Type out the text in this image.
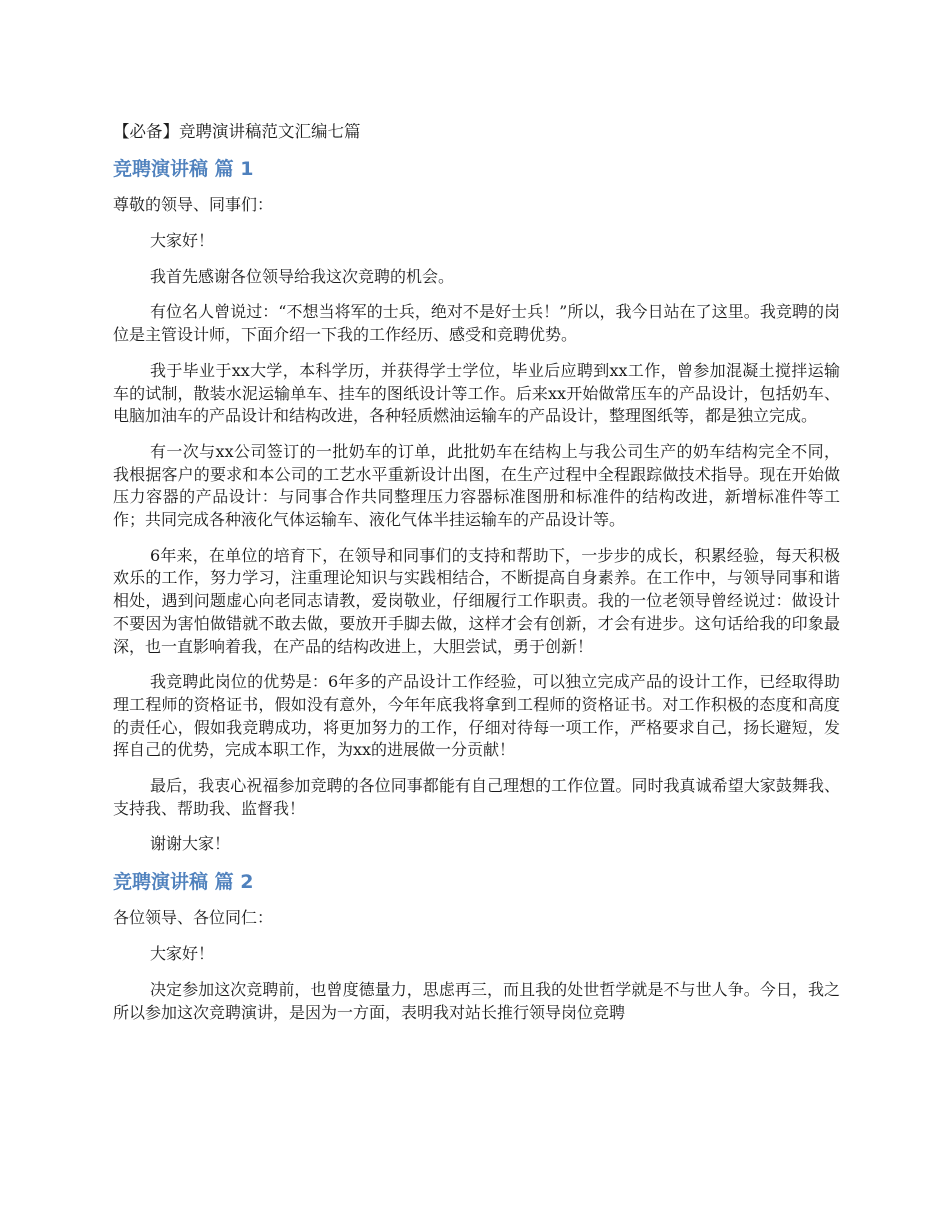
【必备】竞聘演讲稿范文汇编七篇
竞聘演讲稿 篇 1
尊敬的领导、同事们：

大家好！

我首先感谢各位领导给我这次竞聘的机会。

有位名人曾说过：“不想当将军的士兵，绝对不是好士兵！”所以，我今日站在了这里。我竞聘的岗位是主管设计师，下面介绍一下我的工作经历、感受和竞聘优势。

我于毕业于xx大学，本科学历，并获得学士学位，毕业后应聘到xx工作，曾参加混凝土搅拌运输车的试制，散装水泥运输单车、挂车的图纸设计等工作。后来xx开始做常压车的产品设计，包括奶车、电脑加油车的产品设计和结构改进，各种轻质燃油运输车的产品设计，整理图纸等，都是独立完成。

有一次与xx公司签订的一批奶车的订单，此批奶车在结构上与我公司生产的奶车结构完全不同，我根据客户的要求和本公司的工艺水平重新设计出图，在生产过程中全程跟踪做技术指导。现在开始做压力容器的产品设计：与同事合作共同整理压力容器标准图册和标准件的结构改进，新增标准件等工作；共同完成各种液化气体运输车、液化气体半挂运输车的产品设计等。

6年来，在单位的培育下，在领导和同事们的支持和帮助下，一步步的成长，积累经验，每天积极欢乐的工作，努力学习，注重理论知识与实践相结合，不断提高自身素养。在工作中，与领导同事和谐相处，遇到问题虚心向老同志请教，爱岗敬业，仔细履行工作职责。我的一位老领导曾经说过：做设计不要因为害怕做错就不敢去做，要放开手脚去做，这样才会有创新，才会有进步。这句话给我的印象最深，也一直影响着我，在产品的结构改进上，大胆尝试，勇于创新！

我竞聘此岗位的优势是：6年多的产品设计工作经验，可以独立完成产品的设计工作，已经取得助理工程师的资格证书，假如没有意外，今年年底我将拿到工程师的资格证书。对工作积极的态度和高度的责任心，假如我竞聘成功，将更加努力的工作，仔细对待每一项工作，严格要求自己，扬长避短，发挥自己的优势，完成本职工作，为xx的进展做一分贡献！

最后，我衷心祝福参加竞聘的各位同事都能有自己理想的工作位置。同时我真诚希望大家鼓舞我、支持我、帮助我、监督我！

谢谢大家！

竞聘演讲稿 篇 2
各位领导、各位同仁：

大家好！

决定参加这次竞聘前，也曾度德量力，思虑再三，而且我的处世哲学就是不与世人争。今日，我之所以参加这次竞聘演讲，是因为一方面，表明我对站长推行领导岗位竞聘
